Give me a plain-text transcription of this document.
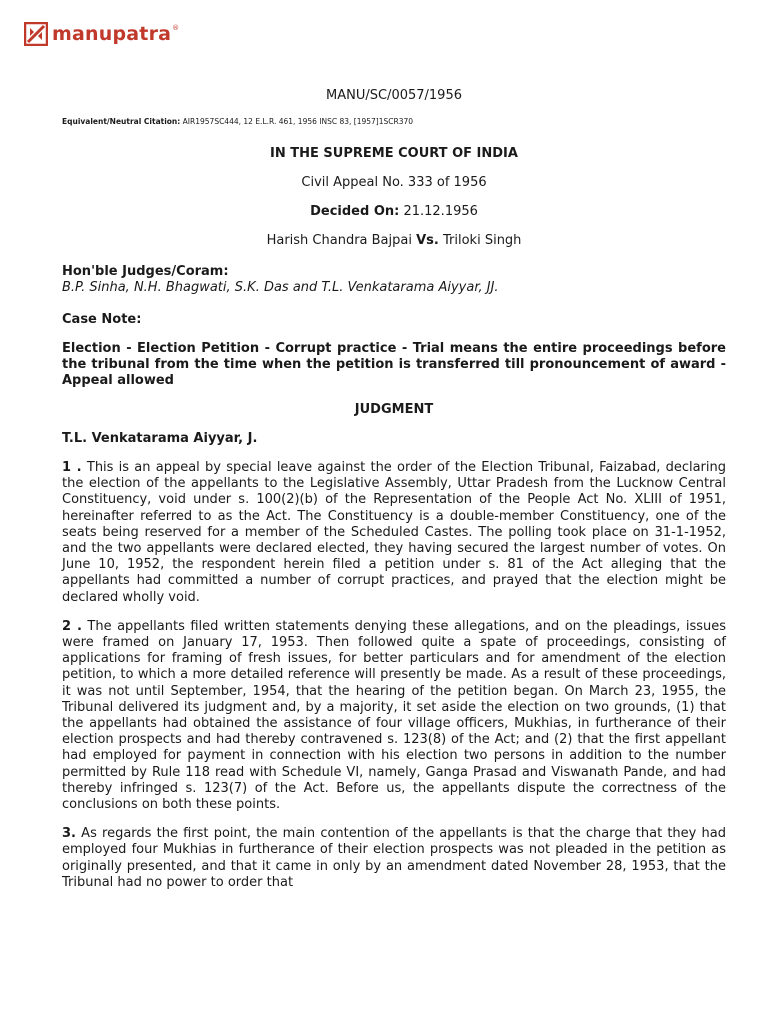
manupatra ®
MANU/SC/0057/1956
Equivalent/Neutral Citation: AIR1957SC444, 12 E.L.R. 461, 1956 INSC 83, [1957]1SCR370
IN THE SUPREME COURT OF INDIA
Civil Appeal No. 333 of 1956
Decided On: 21.12.1956
Harish Chandra Bajpai Vs. Triloki Singh
Hon'ble Judges/Coram:
B.P. Sinha, N.H. Bhagwati, S.K. Das and T.L. Venkatarama Aiyyar, JJ.
Case Note:
Election - Election Petition - Corrupt practice - Trial means the entire proceedings before the tribunal from the time when the petition is transferred till pronouncement of award - Appeal allowed
JUDGMENT
T.L. Venkatarama Aiyyar, J.
1 . This is an appeal by special leave against the order of the Election Tribunal, Faizabad, declaring the election of the appellants to the Legislative Assembly, Uttar Pradesh from the Lucknow Central Constituency, void under s. 100(2)(b) of the Representation of the People Act No. XLIII of 1951, hereinafter referred to as the Act. The Constituency is a double-member Constituency, one of the seats being reserved for a member of the Scheduled Castes. The polling took place on 31-1-1952, and the two appellants were declared elected, they having secured the largest number of votes. On June 10, 1952, the respondent herein filed a petition under s. 81 of the Act alleging that the appellants had committed a number of corrupt practices, and prayed that the election might be declared wholly void.
2 . The appellants filed written statements denying these allegations, and on the pleadings, issues were framed on January 17, 1953. Then followed quite a spate of proceedings, consisting of applications for framing of fresh issues, for better particulars and for amendment of the election petition, to which a more detailed reference will presently be made. As a result of these proceedings, it was not until September, 1954, that the hearing of the petition began. On March 23, 1955, the Tribunal delivered its judgment and, by a majority, it set aside the election on two grounds, (1) that the appellants had obtained the assistance of four village officers, Mukhias, in furtherance of their election prospects and had thereby contravened s. 123(8) of the Act; and (2) that the first appellant had employed for payment in connection with his election two persons in addition to the number permitted by Rule 118 read with Schedule VI, namely, Ganga Prasad and Viswanath Pande, and had thereby infringed s. 123(7) of the Act. Before us, the appellants dispute the correctness of the conclusions on both these points.
3. As regards the first point, the main contention of the appellants is that the charge that they had employed four Mukhias in furtherance of their election prospects was not pleaded in the petition as originally presented, and that it came in only by an amendment dated November 28, 1953, that the Tribunal had no power to order that
